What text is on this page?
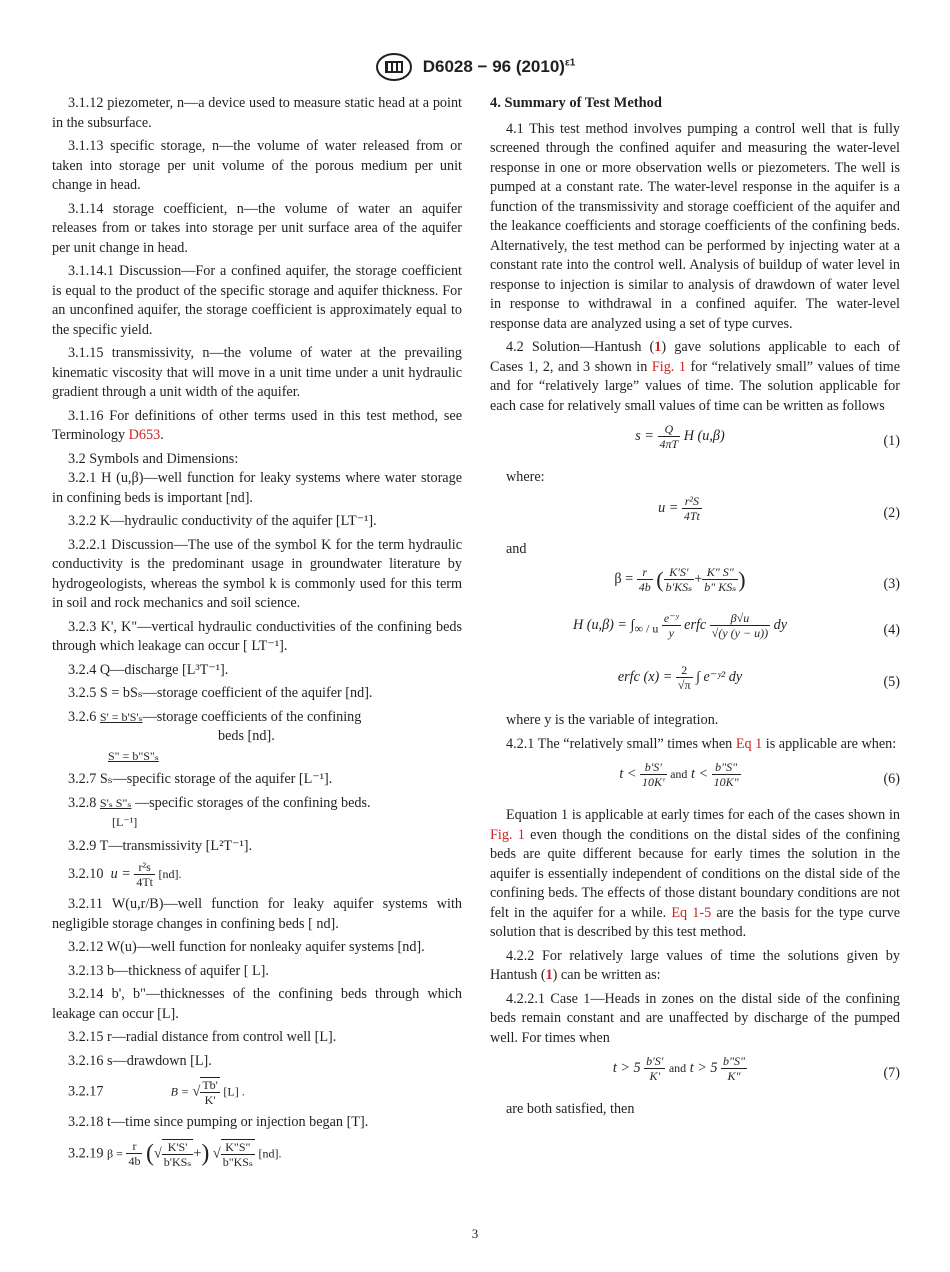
D6028 − 96 $(2010)^{\varepsilon 1}$

3.1.12 piezometer, n—a device used to measure static head at a point in the subsurface.

3.1.13 specific storage, n—the volume of water released from or taken into storage per unit volume of the porous medium per unit change in head.

3.1.14 storage coefficient, n—the volume of water an aquifer releases from or takes into storage per unit surface area of the aquifer per unit change in head.

3.1.14.1 Discussion—For a confined aquifer, the storage coefficient is equal to the product of the specific storage and aquifer thickness. For an unconfined aquifer, the storage coefficient is approximately equal to the specific yield.

3.1.15 transmissivity, n—the volume of water at the prevailing kinematic viscosity that will move in a unit time under a unit hydraulic gradient through a unit width of the aquifer.

3.1.16 For definitions of other terms used in this test method, see Terminology D653.

3.2 Symbols and Dimensions:

3.2.1 H (u,β)—well function for leaky systems where water storage in confining beds is important [nd].

3.2.2 K—hydraulic conductivity of the aquifer [LT⁻¹].

3.2.2.1 Discussion—The use of the symbol K for the term hydraulic conductivity is the predominant usage in groundwater literature by hydrogeologists, whereas the symbol k is commonly used for this term in soil and rock mechanics and soil science.

3.2.3 K', K"—vertical hydraulic conductivities of the confining beds through which leakage can occur [ LT⁻¹].

3.2.4 Q—discharge [L³T⁻¹].

3.2.5 S = bSₛ—storage coefficient of the aquifer [nd].

3.2.6 S' = b'S'ₛ—storage coefficients of the confining
beds [nd].
S" = b"S"ₛ

3.2.7 Sₛ—specific storage of the aquifer [L⁻¹].

3.2.8 S'ₛ S"ₛ —specific storages of the confining beds.
[L⁻¹]

3.2.9 T—transmissivity [L²T⁻¹].

3.2.10 $u = \frac{\text{r²s}}{4Tt} [nd]$.

3.2.11 W(u,r/B)—well function for leaky aquifer systems with negligible storage changes in confining beds [ nd].

3.2.12 W(u)—well function for nonleaky aquifer systems [nd].

3.2.13 b—thickness of aquifer [ L].

3.2.14 b', b"—thicknesses of the confining beds through which leakage can occur [L].

3.2.15 r—radial distance from control well [L].

3.2.16 s—drawdown [L].

3.2.17	B = √ $\frac{Tb'}{K'} [L]$ .

3.2.18 t—time since pumping or injection began [T].

3.2.19 $\beta = \frac{r}{4b}$ (√ $\frac{K'S'}{\text{b'KSₛ}}$ +) √ $\frac{K"S"}{\text{b"KSₛ}} [nd]$.

4. Summary of Test Method

4.1 This test method involves pumping a control well that is fully screened through the confined aquifer and measuring the water-level response in one or more observation wells or piezometers. The well is pumped at a constant rate. The water-level response in the aquifer is a function of the transmissivity and storage coefficient of the aquifer and the leakance coefficients and storage coefficients of the confining beds. Alternatively, the test method can be performed by injecting water at a constant rate into the control well. Analysis of buildup of water level in response to injection is similar to analysis of drawdown of water level in response to withdrawal in a confined aquifer. The water-level response data are analyzed using a set of type curves.

4.2 Solution—Hantush (1) gave solutions applicable to each of Cases 1, 2, and 3 shown in Fig. 1 for “relatively small” values of time and for “relatively large” values of time. The solution applicable for each case for relatively small values of time can be written as follows

$s = \frac{Q}{4\pi T}$ H (u,β)	(1)

where:

$u = \frac{\text{r²S}}{4Tt}$	(2)

and

$\beta = \frac{r}{4b}$ ( $\frac{K'S'}{\text{b'KSₛ}} + \frac{K" S"}{\text{b" KSₛ}}$ )	(3)
H $(u,\beta) = \int_{\infty / u} \frac{\text{e⁻ʸ}}{y}$ erfc $\frac{\beta√u}{√(y (y - u))}$ dy	(4)
erfc $(x) = \frac{2}{√\pi}$ ∫ e⁻ʸ² dy	(5)

where y is the variable of integration.

4.2.1 The “relatively small” times when Eq 1 is applicable are when:

$t < \frac{b'S'}{10K'}$ and $t < \frac{b"S"}{10K"}$	(6)

Equation 1 is applicable at early times for each of the cases shown in Fig. 1 even though the conditions on the distal sides of the confining beds are quite different because for early times the solution in the aquifer is essentially independent of conditions on the distal side of the confining beds. The effects of those distant boundary conditions are not felt in the aquifer for a while. Eq 1-5 are the basis for the type curve solution that is described by this test method.

4.2.2 For relatively large values of time the solutions given by Hantush (1) can be written as:

4.2.2.1 Case 1—Heads in zones on the distal side of the confining beds remain constant and are unaffected by discharge of the pumped well. For times when

$t > 5 \frac{b'S'}{K'}$ and $t > 5 \frac{b"S"}{K"}$	(7)

are both satisfied, then

3
